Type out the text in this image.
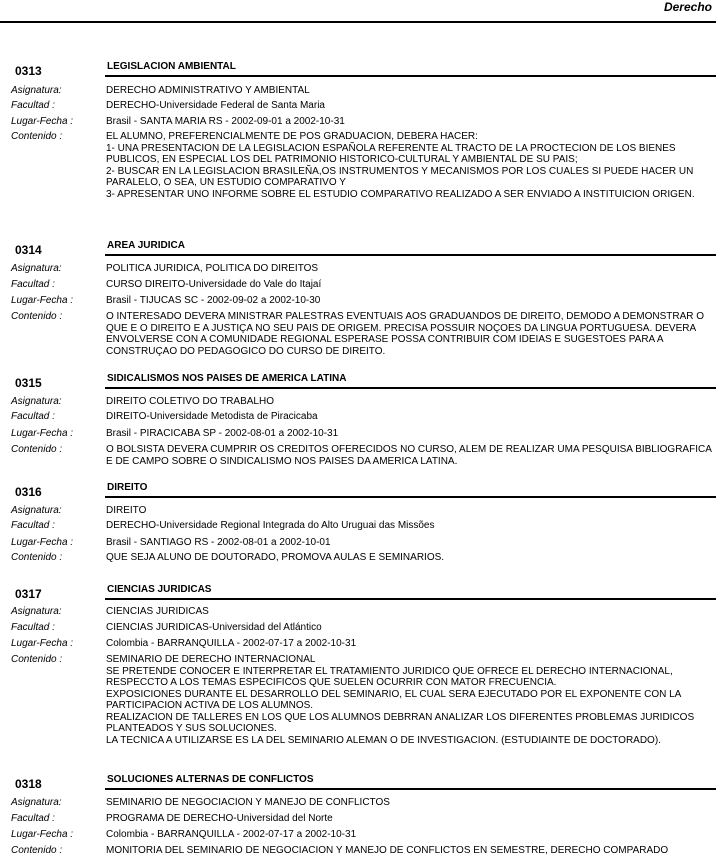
Derecho
0313	LEGISLACION AMBIENTAL
Asignatura:	DERECHO ADMINISTRATIVO Y AMBIENTAL
Facultad :	DERECHO-Universidade Federal de Santa Maria
Lugar-Fecha :	Brasil - SANTA MARIA RS - 2002-09-01 a 2002-10-31
Contenido :	EL ALUMNO, PREFERENCIALMENTE DE POS GRADUACION, DEBERA HACER:
1- UNA PRESENTACION DE LA LEGISLACION ESPAÑOLA REFERENTE AL TRACTO DE LA PROCTECION DE LOS BIENES PUBLICOS, EN ESPECIAL LOS DEL PATRIMONIO HISTORICO-CULTURAL Y AMBIENTAL DE SU PAIS;
2- BUSCAR EN LA LEGISLACION BRASILEÑA,OS INSTRUMENTOS Y MECANISMOS POR LOS CUALES SI PUEDE HACER UN PARALELO, O SEA, UN ESTUDIO COMPARATIVO Y
3- APRESENTAR UNO INFORME SOBRE EL ESTUDIO COMPARATIVO REALIZADO A SER ENVIADO A INSTITUICION ORIGEN.
0314	AREA JURIDICA
Asignatura:	POLITICA JURIDICA, POLITICA DO DIREITOS
Facultad :	CURSO DIREITO-Universidade do Vale do Itajaí
Lugar-Fecha :	Brasil - TIJUCAS SC - 2002-09-02 a 2002-10-30
Contenido :	O INTERESADO DEVERA MINISTRAR PALESTRAS EVENTUAIS AOS GRADUANDOS DE DIREITO, DEMODO A DEMONSTRAR O QUE E O DIREITO E A JUSTIÇA NO SEU PAIS DE ORIGEM. PRECISA POSSUIR NOÇOES DA LINGUA PORTUGUESA. DEVERA ENVOLVERSE CON A COMUNIDADE REGIONAL ESPERASE POSSA CONTRIBUIR COM IDEIAS E SUGESTOES PARA A CONSTRUÇAO DO PEDAGOGICO DO CURSO DE DIREITO.
0315	SIDICALISMOS NOS PAISES DE AMERICA LATINA
Asignatura:	DIREITO COLETIVO DO TRABALHO
Facultad :	DIREITO-Universidade Metodista de Piracicaba
Lugar-Fecha :	Brasil - PIRACICABA SP - 2002-08-01 a 2002-10-31
Contenido :	O BOLSISTA DEVERA CUMPRIR OS CREDITOS OFERECIDOS NO CURSO, ALEM DE REALIZAR UMA PESQUISA BIBLIOGRAFICA E DE CAMPO SOBRE O SINDICALISMO NOS PAISES DA AMERICA LATINA.
0316	DIREITO
Asignatura:	DIREITO
Facultad :	DERECHO-Universidade Regional Integrada do Alto Uruguai das Missões
Lugar-Fecha :	Brasil - SANTIAGO RS - 2002-08-01 a 2002-10-01
Contenido :	QUE SEJA ALUNO DE DOUTORADO, PROMOVA AULAS E SEMINARIOS.
0317	CIENCIAS JURIDICAS
Asignatura:	CIENCIAS JURIDICAS
Facultad :	CIENCIAS JURIDICAS-Universidad del Atlántico
Lugar-Fecha :	Colombia - BARRANQUILLA - 2002-07-17 a 2002-10-31
Contenido :	SEMINARIO DE DERECHO INTERNACIONAL
SE PRETENDE CONOCER E INTERPRETAR EL TRATAMIENTO JURIDICO QUE OFRECE EL DERECHO INTERNACIONAL, RESPECCTO A LOS TEMAS ESPECIFICOS QUE SUELEN OCURRIR CON MATOR FRECUENCIA.
EXPOSICIONES DURANTE EL DESARROLLO DEL SEMINARIO, EL CUAL SERA EJECUTADO POR EL EXPONENTE CON LA PARTICIPACION ACTIVA DE LOS ALUMNOS.
REALIZACION DE TALLERES EN LOS QUE LOS ALUMNOS DEBRRAN ANALIZAR LOS DIFERENTES PROBLEMAS JURIDICOS PLANTEADOS Y SUS SOLUCIONES.
LA TECNICA A UTILIZARSE ES LA DEL SEMINARIO ALEMAN O DE INVESTIGACION. (ESTUDIAINTE DE DOCTORADO).
0318	SOLUCIONES ALTERNAS DE CONFLICTOS
Asignatura:	SEMINARIO DE NEGOCIACION Y MANEJO DE CONFLICTOS
Facultad :	PROGRAMA DE DERECHO-Universidad del Norte
Lugar-Fecha :	Colombia - BARRANQUILLA - 2002-07-17 a 2002-10-31
Contenido :	MONITORIA DEL SEMINARIO DE NEGOCIACION Y MANEJO DE CONFLICTOS EN SEMESTRE, DERECHO COMPARADO
